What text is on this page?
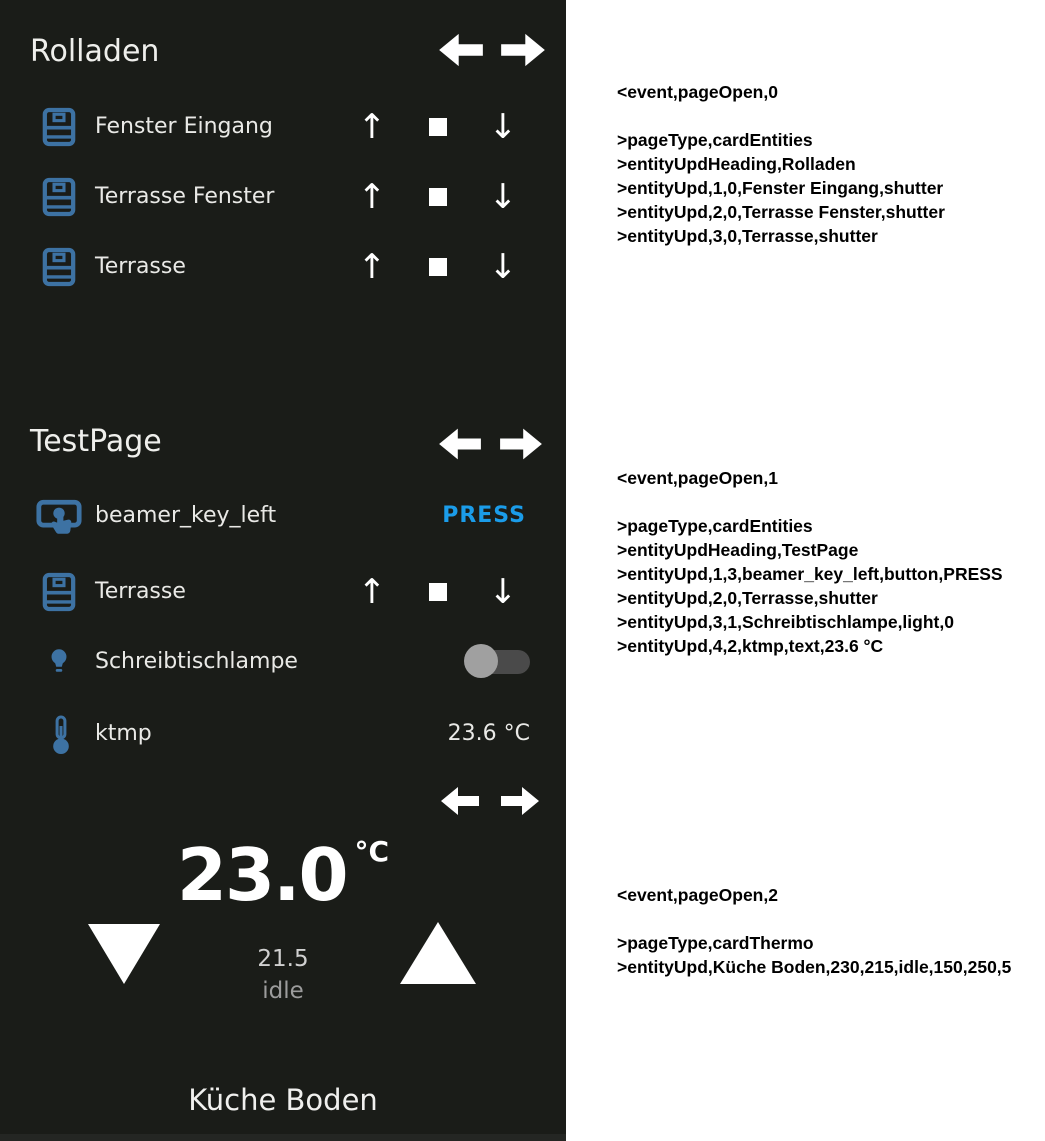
Rolladen
Fenster Eingang ↑	↓
Terrasse Fenster ↑	↓
Terrasse	↑	↓
TestPage
beamer_key_left	PRESS
Terrasse	↑	↓
Schreibtischlampe
ktmp	23.6 °C
23.0 °C
21.5
idle
Küche Boden
<event,pageOpen,0
>pageType,cardEntities
>entityUpdHeading,Rolladen
>entityUpd,1,0,Fenster Eingang,shutter
>entityUpd,2,0,Terrasse Fenster,shutter
>entityUpd,3,0,Terrasse,shutter
<event,pageOpen,1
>pageType,cardEntities
>entityUpdHeading,TestPage
>entityUpd,1,3,beamer_key_left,button,PRESS
>entityUpd,2,0,Terrasse,shutter
>entityUpd,3,1,Schreibtischlampe,light,0
>entityUpd,4,2,ktmp,text,23.6 °C
<event,pageOpen,2
>pageType,cardThermo
>entityUpd,Küche Boden,230,215,idle,150,250,5
